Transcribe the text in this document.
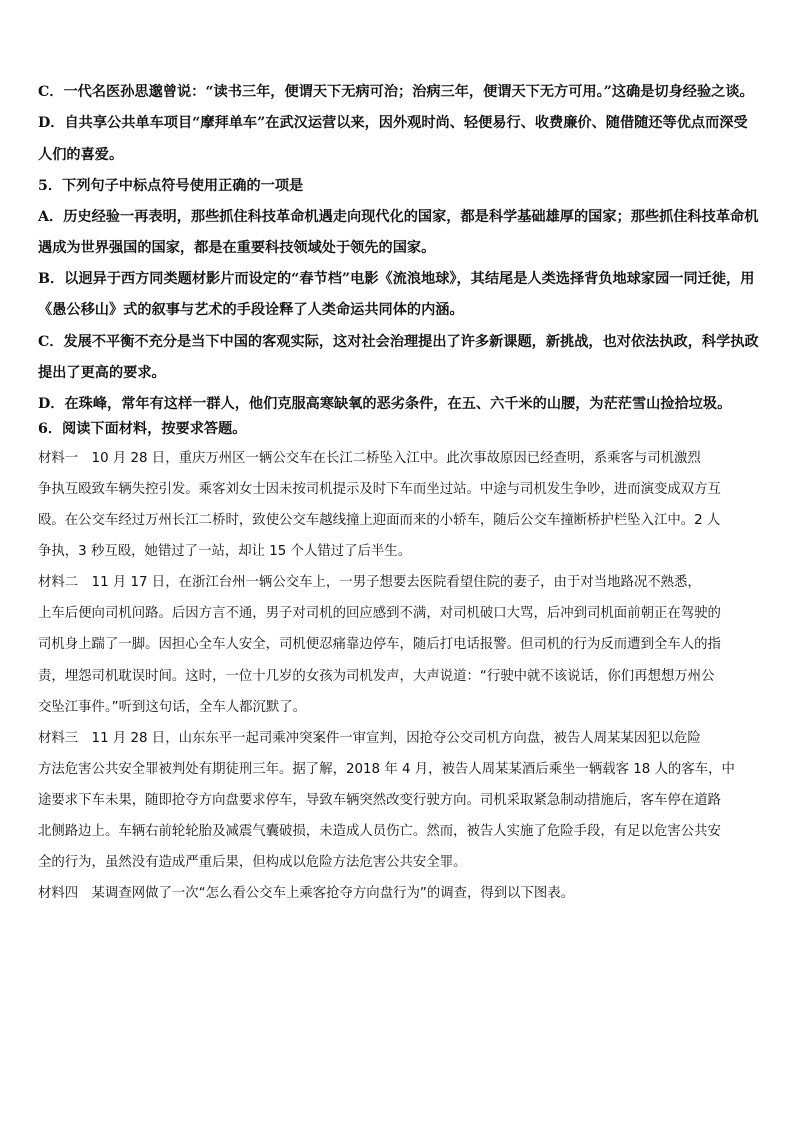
C．一代名医孙思邈曾说：“读书三年，便谓天下无病可治；治病三年，便谓天下无方可用。”这确是切身经验之谈。
D．自共享公共单车项目“摩拜单车”在武汉运营以来，因外观时尚、轻便易行、收费廉价、随借随还等优点而深受
人们的喜爱。
5．下列句子中标点符号使用正确的一项是
A．历史经验一再表明，那些抓住科技革命机遇走向现代化的国家，都是科学基础雄厚的国家；那些抓住科技革命机
遇成为世界强国的国家，都是在重要科技领域处于领先的国家。
B．以迥异于西方同类题材影片而设定的“春节档”电影《流浪地球》，其结尾是人类选择背负地球家园一同迁徙，用
《愚公移山》式的叙事与艺术的手段诠释了人类命运共同体的内涵。
C．发展不平衡不充分是当下中国的客观实际，这对社会治理提出了许多新课题，新挑战，也对依法执政，科学执政
提出了更高的要求。
D．在珠峰，常年有这样一群人，他们克服高寒缺氧的恶劣条件，在五、六千米的山腰，为茫茫雪山捡拾垃圾。
6．阅读下面材料，按要求答题。
材料一　10 月 28 日，重庆万州区一辆公交车在长江二桥坠入江中。此次事故原因已经查明，系乘客与司机激烈
争执互殴致车辆失控引发。乘客刘女士因未按司机提示及时下车而坐过站。中途与司机发生争吵，进而演变成双方互
殴。在公交车经过万州长江二桥时，致使公交车越线撞上迎面而来的小轿车，随后公交车撞断桥护栏坠入江中。2 人
争执，3 秒互殴，她错过了一站，却让 15 个人错过了后半生。
材料二　11 月 17 日，在浙江台州一辆公交车上，一男子想要去医院看望住院的妻子，由于对当地路况不熟悉，
上车后便向司机问路。后因方言不通，男子对司机的回应感到不满，对司机破口大骂，后冲到司机面前朝正在驾驶的
司机身上踹了一脚。因担心全车人安全，司机便忍痛靠边停车，随后打电话报警。但司机的行为反而遭到全车人的指
责，埋怨司机耽误时间。这时，一位十几岁的女孩为司机发声，大声说道：“行驶中就不该说话，你们再想想万州公
交坠江事件。”听到这句话，全车人都沉默了。
材料三　11 月 28 日，山东东平一起司乘冲突案件一审宣判，因抢夺公交司机方向盘，被告人周某某因犯以危险
方法危害公共安全罪被判处有期徒刑三年。据了解，2018 年 4 月，被告人周某某酒后乘坐一辆载客 18 人的客车，中
途要求下车未果，随即抢夺方向盘要求停车，导致车辆突然改变行驶方向。司机采取紧急制动措施后，客车停在道路
北侧路边上。车辆右前轮轮胎及减震气囊破损，未造成人员伤亡。然而，被告人实施了危险手段，有足以危害公共安
全的行为，虽然没有造成严重后果，但构成以危险方法危害公共安全罪。
材料四　某调查网做了一次“怎么看公交车上乘客抢夺方向盘行为”的调查，得到以下图表。
